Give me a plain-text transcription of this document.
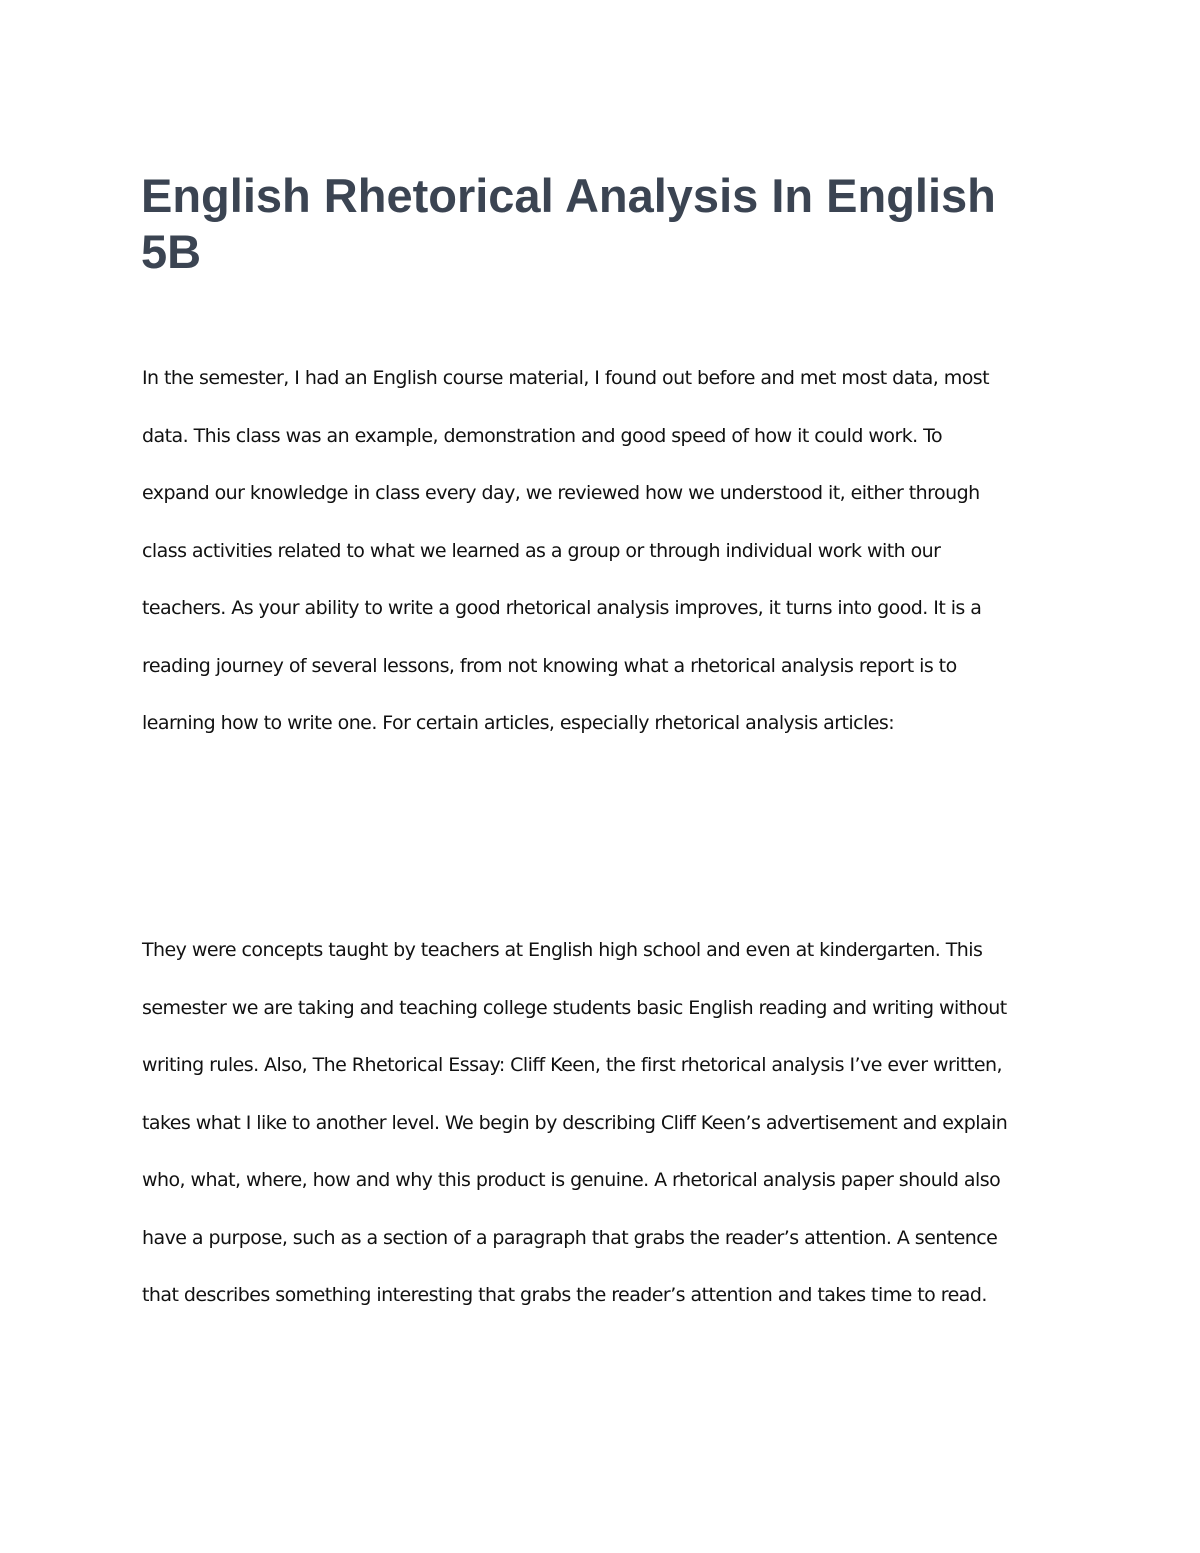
English Rhetorical Analysis In English 5B
In the semester, I had an English course material, I found out before and met most data, most
data. This class was an example, demonstration and good speed of how it could work. To
expand our knowledge in class every day, we reviewed how we understood it, either through
class activities related to what we learned as a group or through individual work with our
teachers. As your ability to write a good rhetorical analysis improves, it turns into good. It is a
reading journey of several lessons, from not knowing what a rhetorical analysis report is to
learning how to write one. For certain articles, especially rhetorical analysis articles:
They were concepts taught by teachers at English high school and even at kindergarten. This
semester we are taking and teaching college students basic English reading and writing without
writing rules. Also, The Rhetorical Essay: Cliff Keen, the first rhetorical analysis I’ve ever written,
takes what I like to another level. We begin by describing Cliff Keen’s advertisement and explain
who, what, where, how and why this product is genuine. A rhetorical analysis paper should also
have a purpose, such as a section of a paragraph that grabs the reader’s attention. A sentence
that describes something interesting that grabs the reader’s attention and takes time to read.
